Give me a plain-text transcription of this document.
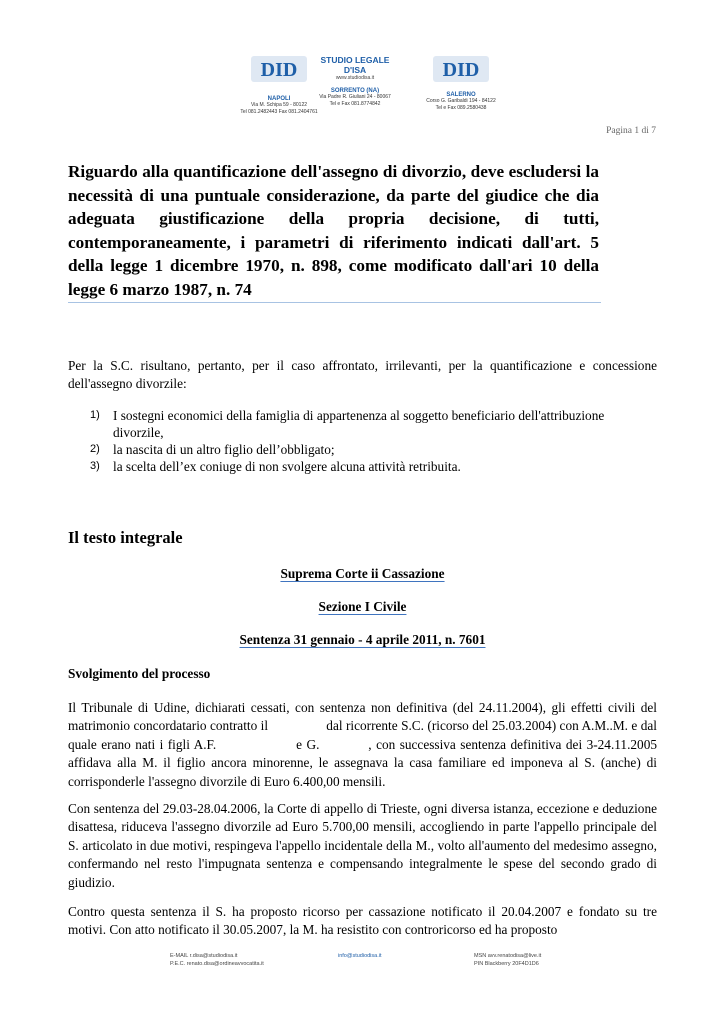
DID
NAPOLI
Via M. Schipa 59 - 80122
Tel 081.2482443 Fax 081.2404761
STUDIO LEGALE
D'ISA
www.studiodisa.it
SORRENTO (NA)
Via Padre R. Giuliani 24 - 80067
Tel e Fax 081.8774842
DID
SALERNO
Corso G. Garibaldi 194 - 84122
Tel e Fax 089.2580438
Pagina 1 di 7
Riguardo alla quantificazione dell'assegno di divorzio, deve escludersi la necessità di una puntuale considerazione, da parte del giudice che dia adeguata giustificazione della propria decisione, di tutti, contemporaneamente, i parametri di riferimento indicati dall'art. 5 della legge 1 dicembre 1970, n. 898, come modificato dall'ari 10 della legge 6 marzo 1987, n. 74
Per la S.C. risultano, pertanto, per il caso affrontato, irrilevanti, per la quantificazione e concessione dell'assegno divorzile:
1) I sostegni economici della famiglia di appartenenza al soggetto beneficiario dell'attribuzione divorzile,
2) la nascita di un altro figlio dell’obbligato;
3) la scelta dell’ex coniuge di non svolgere alcuna attività retribuita.
Il testo integrale
Suprema Corte ii Cassazione
Sezione I Civile
Sentenza 31 gennaio - 4 aprile 2011, n. 7601
Svolgimento del processo
Il Tribunale di Udine, dichiarati cessati, con sentenza non definitiva (del 24.11.2004), gli effetti civili del matrimonio concordatario contratto il                 dal ricorrente S.C. (ricorso del 25.03.2004) con A.M..M. e dal quale erano nati i figli A.F.                  e G.           , con successiva sentenza definitiva dei 3-24.11.2005 affidava alla M. il figlio ancora minorenne, le assegnava la casa familiare ed imponeva al S. (anche) di corrisponderle l'assegno divorzile di Euro 6.400,00 mensili.
Con sentenza del 29.03-28.04.2006, la Corte di appello di Trieste, ogni diversa istanza, eccezione e deduzione disattesa, riduceva l'assegno divorzile ad Euro 5.700,00 mensili, accogliendo in parte l'appello principale del S. articolato in due motivi, respingeva l'appello incidentale della M., volto all'aumento del medesimo assegno, confermando nel resto l'impugnata sentenza e compensando integralmente le spese del secondo grado di giudizio.
Contro questa sentenza il S. ha proposto ricorso per cassazione notificato il 20.04.2007 e fondato su tre motivi. Con atto notificato il 30.05.2007, la M. ha resistito con controricorso ed ha proposto
E-MAIL r.disa@studiodisa.it
P.E.C. renato.disa@ordineavvocatita.it
info@studiodisa.it	MSN avv.renatodisa@live.it
PIN Blackberry 20F4D1D6
